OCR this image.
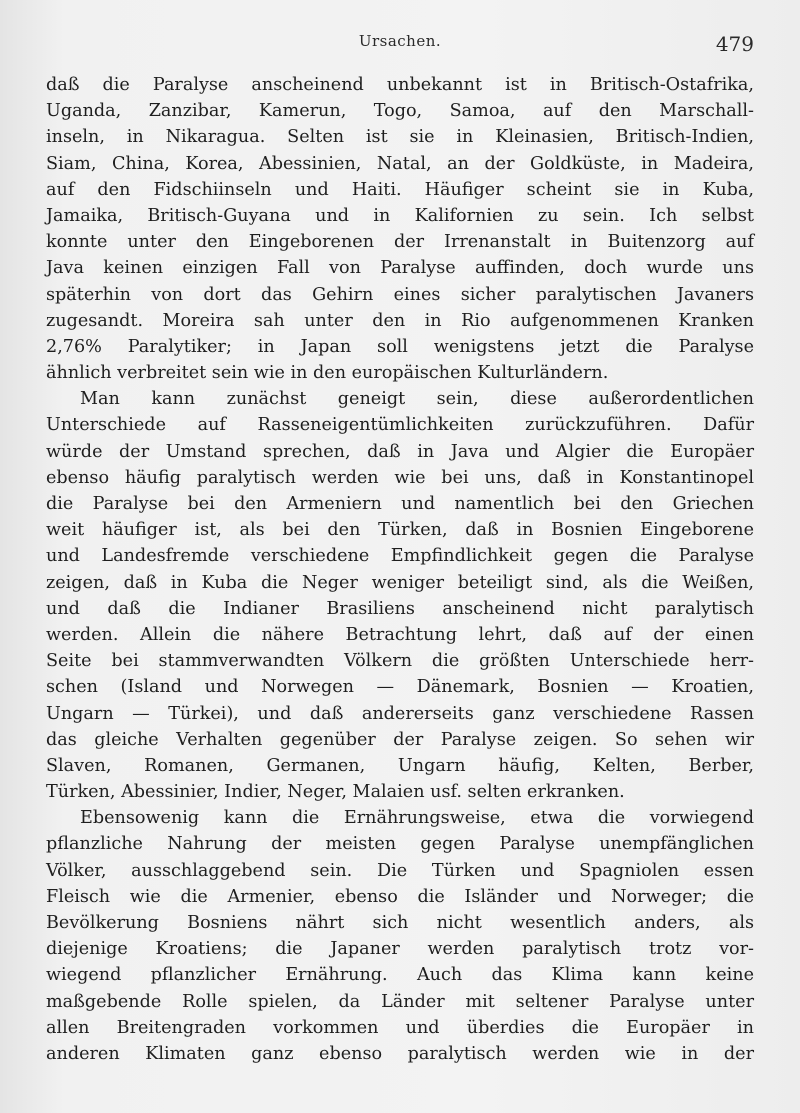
Ursachen.	479
daß die Paralyse anscheinend unbekannt ist in Britisch-Ostafrika,
Uganda, Zanzibar, Kamerun, Togo, Samoa, auf den Marschall-
inseln, in Nikaragua. Selten ist sie in Kleinasien, Britisch-Indien,
Siam, China, Korea, Abessinien, Natal, an der Goldküste, in Madeira,
auf den Fidschiinseln und Haiti. Häufiger scheint sie in Kuba,
Jamaika, Britisch-Guyana und in Kalifornien zu sein. Ich selbst
konnte unter den Eingeborenen der Irrenanstalt in Buitenzorg auf
Java keinen einzigen Fall von Paralyse auffinden, doch wurde uns
späterhin von dort das Gehirn eines sicher paralytischen Javaners
zugesandt. Moreira sah unter den in Rio aufgenommenen Kranken
2,76% Paralytiker; in Japan soll wenigstens jetzt die Paralyse
ähnlich verbreitet sein wie in den europäischen Kulturländern.
Man kann zunächst geneigt sein, diese außerordentlichen
Unterschiede auf Rasseneigentümlichkeiten zurückzuführen. Dafür
würde der Umstand sprechen, daß in Java und Algier die Europäer
ebenso häufig paralytisch werden wie bei uns, daß in Konstantinopel
die Paralyse bei den Armeniern und namentlich bei den Griechen
weit häufiger ist, als bei den Türken, daß in Bosnien Eingeborene
und Landesfremde verschiedene Empfindlichkeit gegen die Paralyse
zeigen, daß in Kuba die Neger weniger beteiligt sind, als die Weißen,
und daß die Indianer Brasiliens anscheinend nicht paralytisch
werden. Allein die nähere Betrachtung lehrt, daß auf der einen
Seite bei stammverwandten Völkern die größten Unterschiede herr-
schen (Island und Norwegen — Dänemark, Bosnien — Kroatien,
Ungarn — Türkei), und daß andererseits ganz verschiedene Rassen
das gleiche Verhalten gegenüber der Paralyse zeigen. So sehen wir
Slaven, Romanen, Germanen, Ungarn häufig, Kelten, Berber,
Türken, Abessinier, Indier, Neger, Malaien usf. selten erkranken.
Ebensowenig kann die Ernährungsweise, etwa die vorwiegend
pflanzliche Nahrung der meisten gegen Paralyse unempfänglichen
Völker, ausschlaggebend sein. Die Türken und Spagniolen essen
Fleisch wie die Armenier, ebenso die Isländer und Norweger; die
Bevölkerung Bosniens nährt sich nicht wesentlich anders, als
diejenige Kroatiens; die Japaner werden paralytisch trotz vor-
wiegend pflanzlicher Ernährung. Auch das Klima kann keine
maßgebende Rolle spielen, da Länder mit seltener Paralyse unter
allen Breitengraden vorkommen und überdies die Europäer in
anderen Klimaten ganz ebenso paralytisch werden wie in der
